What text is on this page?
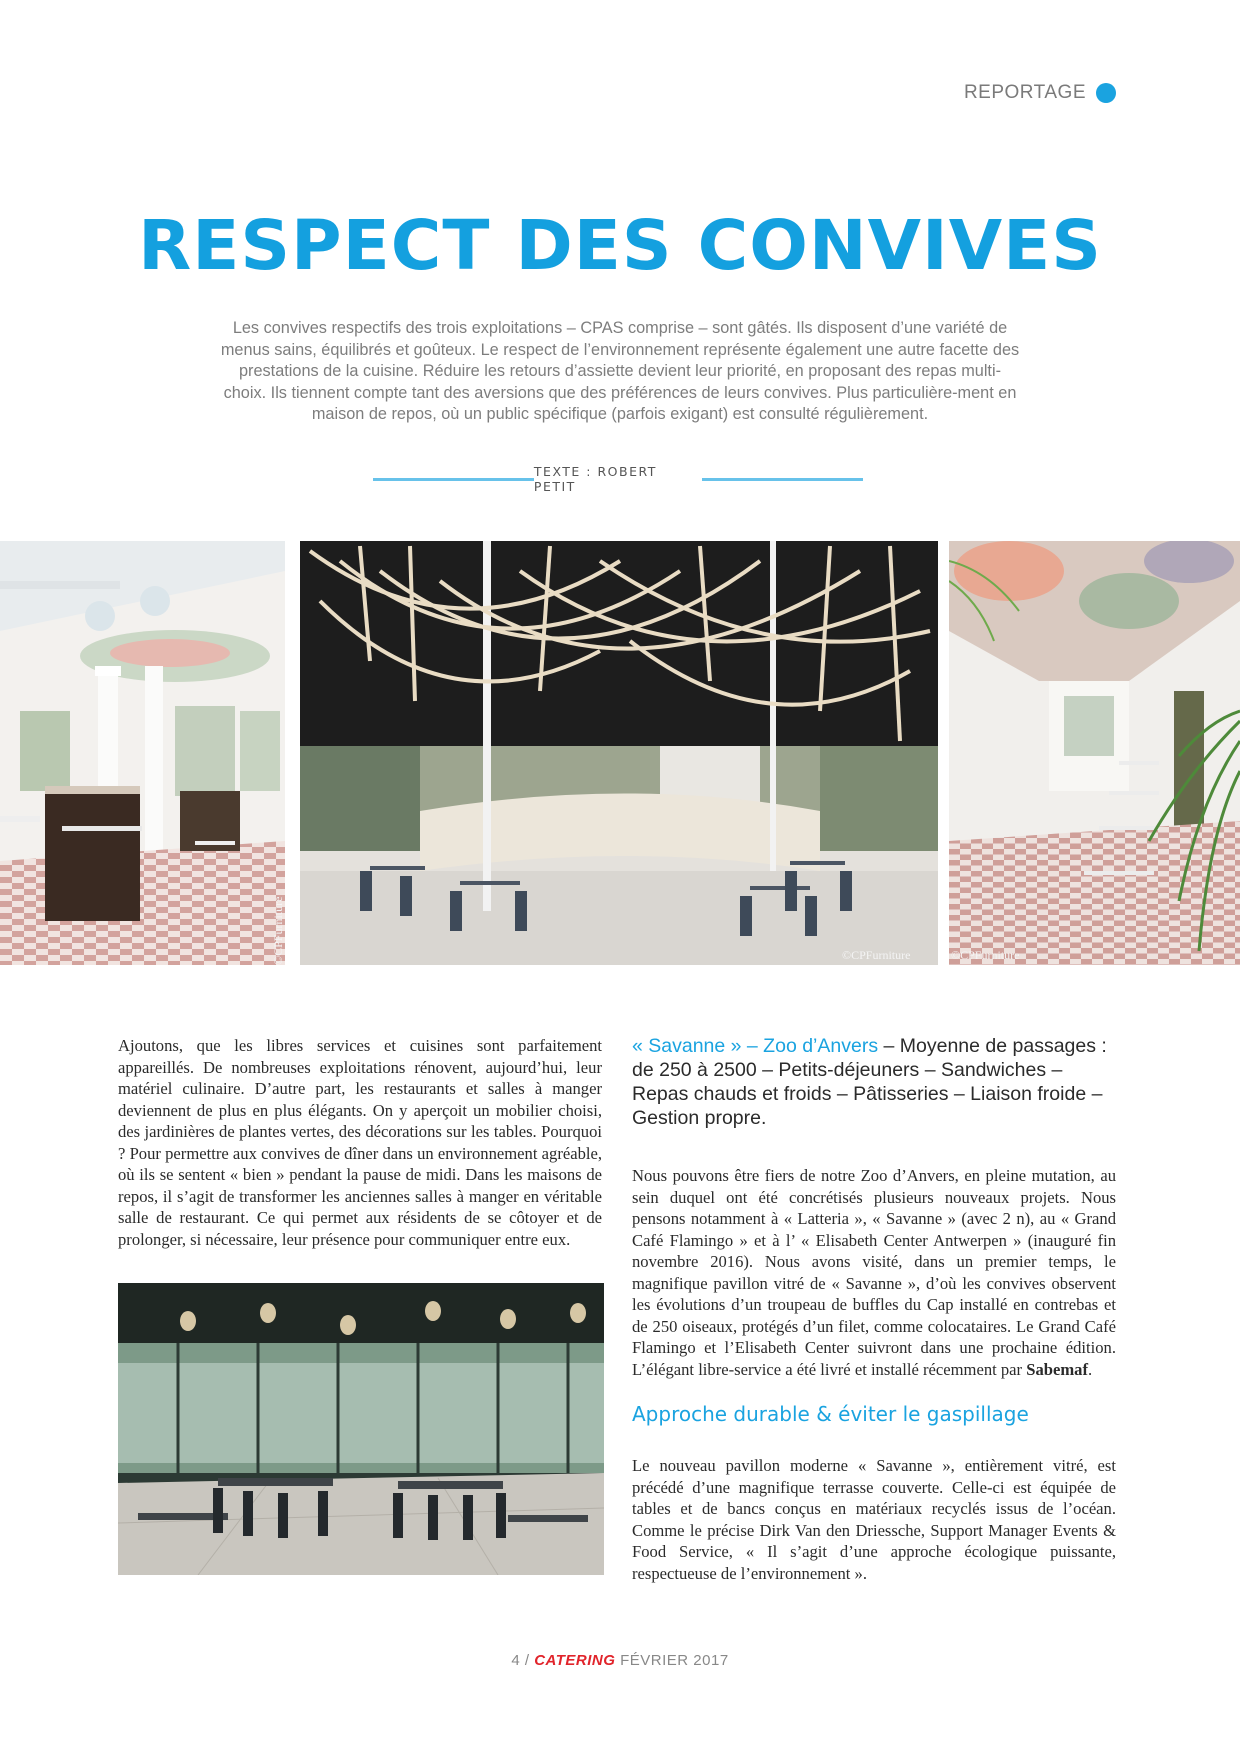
REPORTAGE
RESPECT DES CONVIVES

Les convives respectifs des trois exploitations – CPAS comprise – sont gâtés. Ils disposent d’une variété de menus sains, équilibrés et goûteux. Le respect de l’environnement représente également une autre facette des prestations de la cuisine. Réduire les retours d’assiette devient leur priorité, en proposant des repas multi-choix. Ils tiennent compte tant des aversions que des préférences de leurs convives. Plus particulière-ment en maison de repos, où un public spécifique (parfois exigant) est consulté régulièrement.

TEXTE : ROBERT PETIT
©CPFurniture	©CPFurniture	©CPFurniture

Ajoutons, que les libres services et cuisines sont parfaitement appareillés. De nombreuses exploitations rénovent, aujourd’hui, leur matériel culinaire. D’autre part, les restaurants et salles à manger deviennent de plus en plus élégants. On y aperçoit un mobilier choisi, des jardinières de plantes vertes, des décorations sur les tables. Pourquoi ? Pour permettre aux convives de dîner dans un environnement agréable, où ils se sentent « bien » pendant la pause de midi. Dans les maisons de repos, il s’agit de transformer les anciennes salles à manger en véritable salle de restaurant. Ce qui permet aux résidents de se côtoyer et de prolonger, si nécessaire, leur présence pour communiquer entre eux.

« Savanne » – Zoo d’Anvers – Moyenne de passages : de 250 à 2500 – Petits-déjeuners – Sandwiches – Repas chauds et froids – Pâtisseries – Liaison froide – Gestion propre.

Nous pouvons être fiers de notre Zoo d’Anvers, en pleine mutation, au sein duquel ont été concrétisés plusieurs nouveaux projets. Nous pensons notamment à « Latteria », « Savanne » (avec 2 n), au « Grand Café Flamingo » et à l’ « Elisabeth Center Antwerpen » (inauguré fin novembre 2016). Nous avons visité, dans un premier temps, le magnifique pavillon vitré de « Savanne », d’où les convives observent les évolutions d’un troupeau de buffles du Cap installé en contrebas et de 250 oiseaux, protégés d’un filet, comme colocataires. Le Grand Café Flamingo et l’Elisabeth Center suivront dans une prochaine édition. L’élégant libre-service a été livré et installé récemment par Sabemaf.

Approche durable & éviter le gaspillage

Le nouveau pavillon moderne « Savanne », entièrement vitré, est précédé d’une magnifique terrasse couverte. Celle-ci est équipée de tables et de bancs conçus en matériaux recyclés issus de l’océan. Comme le précise Dirk Van den Driessche, Support Manager Events & Food Service, « Il s’agit d’une approche écologique puissante, respectueuse de l’environnement ».

4 / CATERING FÉVRIER 2017
